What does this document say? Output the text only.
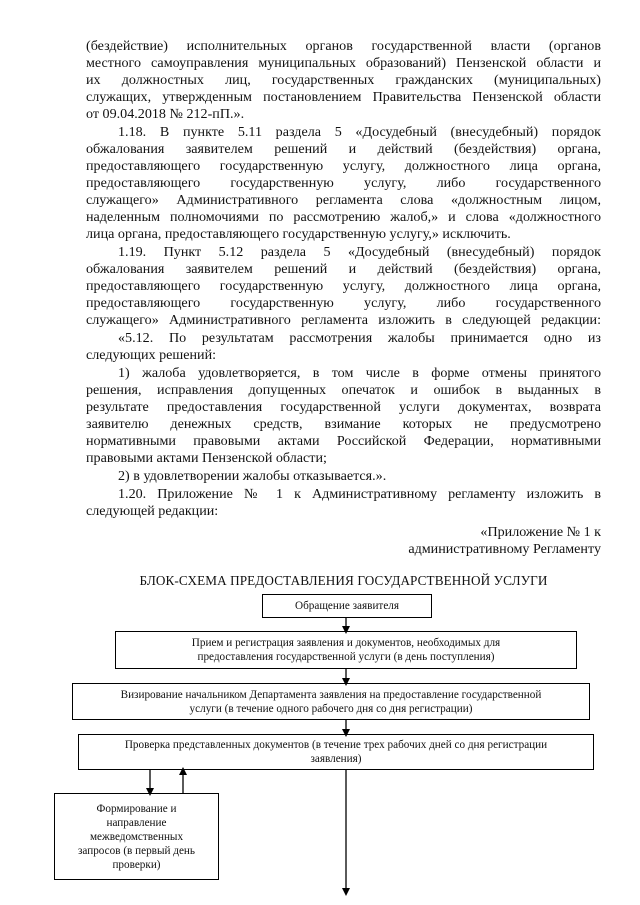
(бездействие) исполнительных органов государственной власти (органов
местного самоуправления муниципальных образований) Пензенской области и
их должностных лиц, государственных гражданских (муниципальных)
служащих, утвержденным постановлением Правительства Пензенской области
от 09.04.2018 № 212-пП.».
1.18. В пункте 5.11 раздела 5 «Досудебный (внесудебный) порядок
обжалования заявителем решений и действий (бездействия) органа,
предоставляющего государственную услугу, должностного лица органа,
предоставляющего государственную услугу, либо государственного
служащего» Административного регламента слова «должностным лицом,
наделенным полномочиями по рассмотрению жалоб,» и слова «должностного
лица органа, предоставляющего государственную услугу,» исключить.
1.19. Пункт 5.12 раздела 5 «Досудебный (внесудебный) порядок
обжалования заявителем решений и действий (бездействия) органа,
предоставляющего государственную услугу, должностного лица органа,
предоставляющего государственную услугу, либо государственного
служащего» Административного регламента изложить в следующей редакции:
«5.12. По результатам рассмотрения жалобы принимается одно из
следующих решений:
1) жалоба удовлетворяется, в том числе в форме отмены принятого
решения, исправления допущенных опечаток и ошибок в выданных в
результате предоставления государственной услуги документах, возврата
заявителю денежных средств, взимание которых не предусмотрено
нормативными правовыми актами Российской Федерации, нормативными
правовыми актами Пензенской области;
2) в удовлетворении жалобы отказывается.».
1.20. Приложение № 1 к Административному регламенту изложить в
следующей редакции:
«Приложение № 1 к
административному Регламенту
БЛОК-СХЕМА ПРЕДОСТАВЛЕНИЯ ГОСУДАРСТВЕННОЙ УСЛУГИ
Обращение заявителя
Прием и регистрация заявления и документов, необходимых для
предоставления государственной услуги (в день поступления)
Визирование начальником Департамента заявления на предоставление государственной
услуги (в течение одного рабочего дня со дня регистрации)
Проверка представленных документов (в течение трех рабочих дней со дня регистрации
заявления)
Формирование и
направление
межведомственных
запросов (в первый день
проверки)
